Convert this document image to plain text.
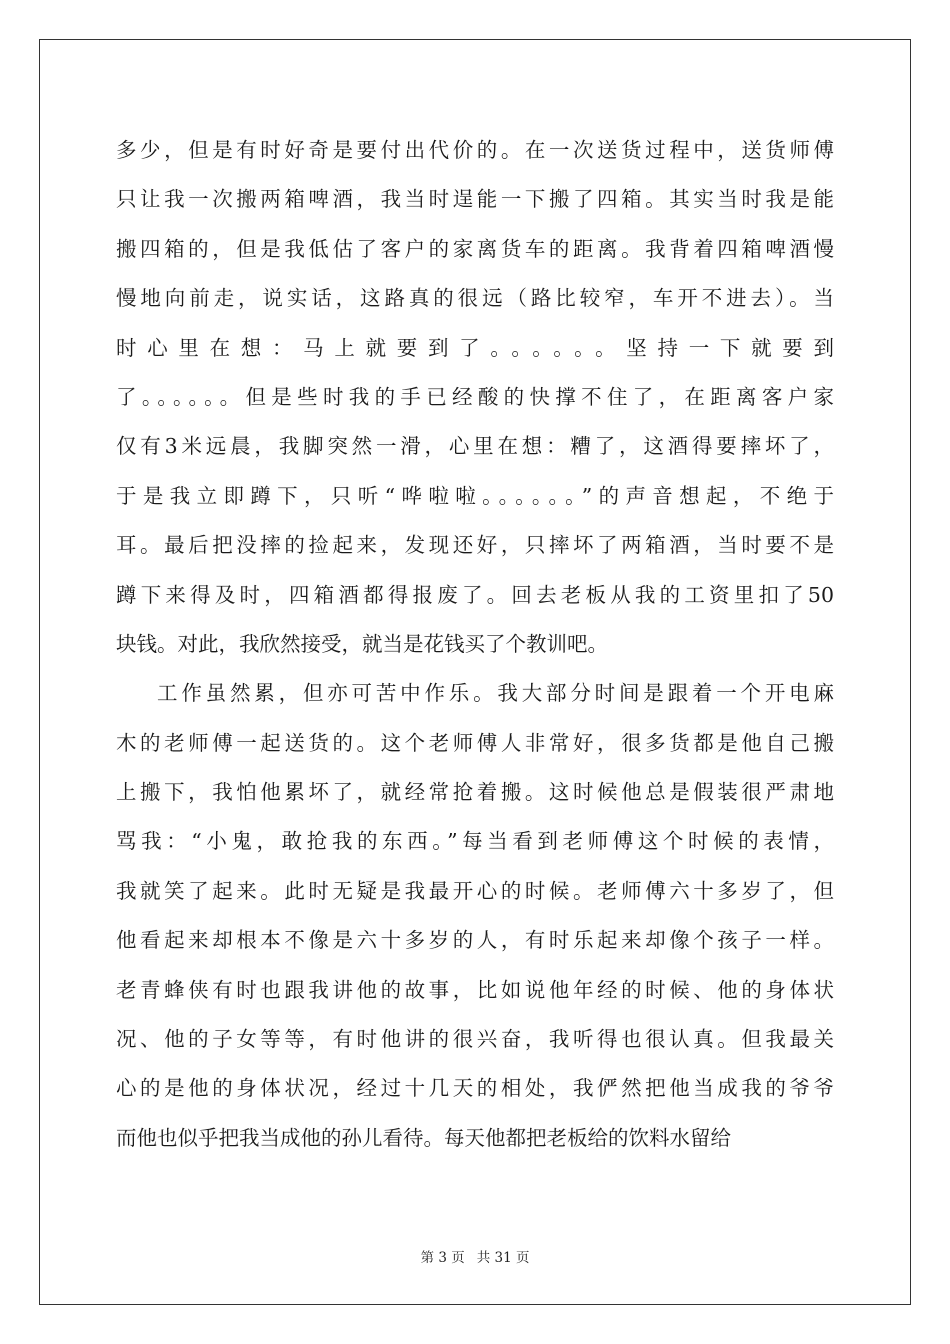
多少，但是有时好奇是要付出代价的。在一次送货过程中，送货师傅
只让我一次搬两箱啤酒，我当时逞能一下搬了四箱。其实当时我是能
搬四箱的，但是我低估了客户的家离货车的距离。我背着四箱啤酒慢
慢地向前走，说实话，这路真的很远（路比较窄，车开不进去）。当
时心里在想：马上就要到了。。。。。。坚持一下就要到
了。。。。。。但是些时我的手已经酸的快撑不住了，在距离客户家
仅有3米远晨，我脚突然一滑，心里在想：糟了，这酒得要摔坏了，
于是我立即蹲下，只听“哗啦啦。。。。。。”的声音想起，不绝于
耳。最后把没摔的捡起来，发现还好，只摔坏了两箱酒，当时要不是
蹲下来得及时，四箱酒都得报废了。回去老板从我的工资里扣了50
块钱。对此，我欣然接受，就当是花钱买了个教训吧。
工作虽然累，但亦可苦中作乐。我大部分时间是跟着一个开电麻
木的老师傅一起送货的。这个老师傅人非常好，很多货都是他自己搬
上搬下，我怕他累坏了，就经常抢着搬。这时候他总是假装很严肃地
骂我：“小鬼，敢抢我的东西。”每当看到老师傅这个时候的表情，
我就笑了起来。此时无疑是我最开心的时候。老师傅六十多岁了，但
他看起来却根本不像是六十多岁的人，有时乐起来却像个孩子一样。
老青蜂侠有时也跟我讲他的故事，比如说他年经的时候、他的身体状
况、他的子女等等，有时他讲的很兴奋，我听得也很认真。但我最关
心的是他的身体状况，经过十几天的相处，我俨然把他当成我的爷爷
而他也似乎把我当成他的孙儿看待。每天他都把老板给的饮料水留给
第 3 页 共 31 页
